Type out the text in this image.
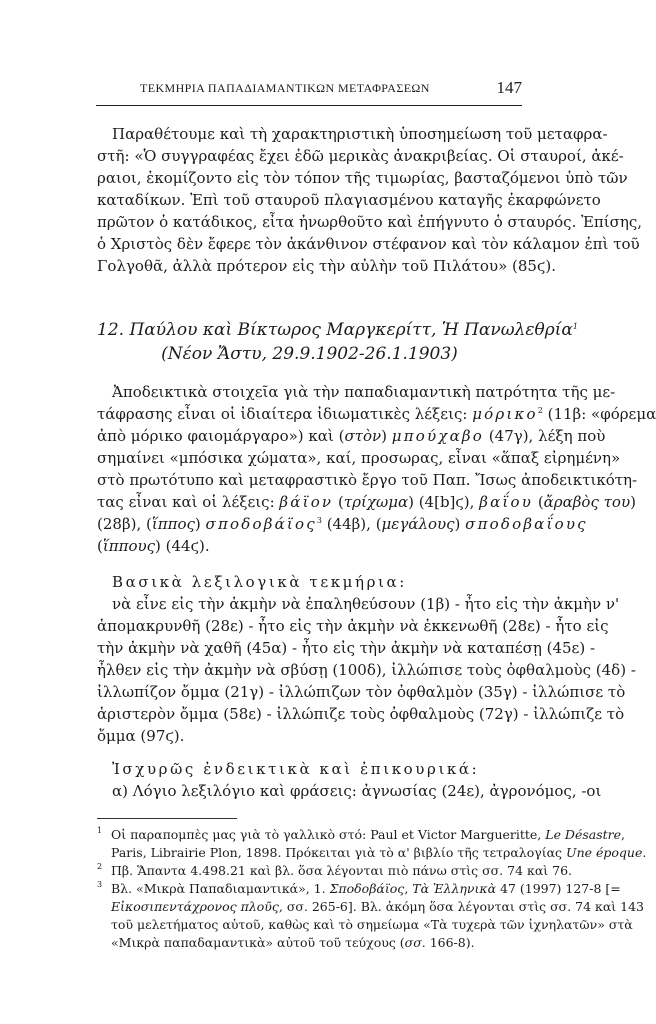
ΤΕΚΜΗΡΙΑ ΠΑΠΑΔΙΑΜΑΝΤΙΚΩΝ ΜΕΤΑΦΡΑΣΕΩΝ	147
Παραθέτουμε καὶ τὴ χαρακτηριστικὴ ὑποσημείωση τοῦ μεταφρα-
στῆ: «Ὁ συγγραφέας ἔχει ἐδῶ μερικὰς ἀνακριβείας. Οἱ σταυροί, ἀκέ-
ραιοι, ἐκομίζοντο εἰς τὸν τόπον τῆς τιμωρίας, βασταζόμενοι ὑπὸ τῶν
καταδίκων. Ἐπὶ τοῦ σταυροῦ πλαγιασμένου καταγῆς ἐκαρφώνετο
πρῶτον ὁ κατάδικος, εἶτα ἠνωρθοῦτο καὶ ἐπήγνυτο ὁ σταυρός. Ἐπίσης,
ὁ Χριστὸς δὲν ἔφερε τὸν ἀκάνθινον στέφανον καὶ τὸν κάλαμον ἐπὶ τοῦ
Γολγοθᾶ, ἀλλὰ πρότερον εἰς τὴν αὐλὴν τοῦ Πιλάτου» (85ϛ).
12. Παύλου καὶ Βίκτωρος Μαργκερίττ, Ἡ Πανωλεθρία$^1$
(Νέον Ἄστυ, 29.9.1902-26.1.1903)
Ἀποδεικτικὰ στοιχεῖα γιὰ τὴν παπαδιαμαντικὴ πατρότητα τῆς με-
τάφρασης εἶναι οἱ ἰδιαίτερα ἰδιωματικὲς λέξεις: μόρικο$^2$ (11β: «φόρεμα
ἀπὸ μόρικο φαιομάργαρο») καὶ (στὸν) μπούχαβο (47γ), λέξη ποὺ
σημαίνει «μπόσικα χώματα», καί, προσωρας, εἶναι «ἅπαξ εἰρημένη»
στὸ πρωτότυπο καὶ μεταφραστικὸ ἔργο τοῦ Παπ. Ἴσως ἀποδεικτικότη-
τας εἶναι καὶ οἱ λέξεις: βάϊον (τρίχωμα) (4[b]ϛ), βαΐου (ἄραβὸς του)
(28β), (ἵππος) σποδοβάϊος$^3$ (44β), (μεγάλους) σποδοβαΐους
(ἵππους) (44ϛ).
Βασικὰ λεξιλογικὰ τεκμήρια:
νὰ εἶνε εἰς τὴν ἀκμὴν νὰ ἐπαληθεύσουν (1β) - ἦτο εἰς τὴν ἀκμὴν ν'
ἀπομακρυνθῆ (28ε) - ἦτο εἰς τὴν ἀκμὴν νὰ ἐκκενωθῆ (28ε) - ἦτο εἰς
τὴν ἀκμὴν νὰ χαθῆ (45α) - ἦτο εἰς τὴν ἀκμὴν νὰ καταπέσῃ (45ε) -
ἦλθεν εἰς τὴν ἀκμὴν νὰ σβύσῃ (100δ), ἰλλώπισε τοὺς ὀφθαλμοὺς (4δ) -
ἰλλωπίζον ὄμμα (21γ) - ἰλλώπιζων τὸν ὀφθαλμὸν (35γ) - ἰλλώπισε τὸ
ἀριστερὸν ὄμμα (58ε) - ἰλλώπιζε τοὺς ὀφθαλμοὺς (72γ) - ἰλλώπιζε τὸ
ὄμμα (97ϛ).
Ἰσχυρῶς ἐνδεικτικὰ καὶ ἐπικουρικά:
α) Λόγιο λεξιλόγιο καὶ φράσεις: ἀγνωσίας (24ε), ἀγρονόμος, -οι
$^1$ Οἱ παραπομπὲς μας γιὰ τὸ γαλλικὸ στό: Paul et Victor Margueritte, Le Désastre,
Paris, Librairie Plon, 1898. Πρόκειται γιὰ τὸ α' βιβλίο τῆς τετραλογίας Une époque.
$^2$ Πβ. Ἅπαντα 4.498.21 καὶ βλ. ὅσα λέγονται πιὸ πάνω στὶς σσ. 74 καὶ 76.
$^3$ Βλ. «Μικρὰ Παπαδιαμαντικά», 1. Σποδοβάϊος, Τὰ Ἑλληνικὰ 47 (1997) 127-8 [=
Εἰκοσιπεντάχρονος πλοῦς, σσ. 265-6]. Βλ. ἀκόμη ὅσα λέγονται στὶς σσ. 74 καὶ 143
τοῦ μελετήματος αὐτοῦ, καθὼς καὶ τὸ σημείωμα «Τὰ τυχερὰ τῶν ἰχνηλατῶν» στὰ
«Μικρὰ παπαδαμαντικὰ» αὐτοῦ τοῦ τεύχους (σσ. 166-8).
